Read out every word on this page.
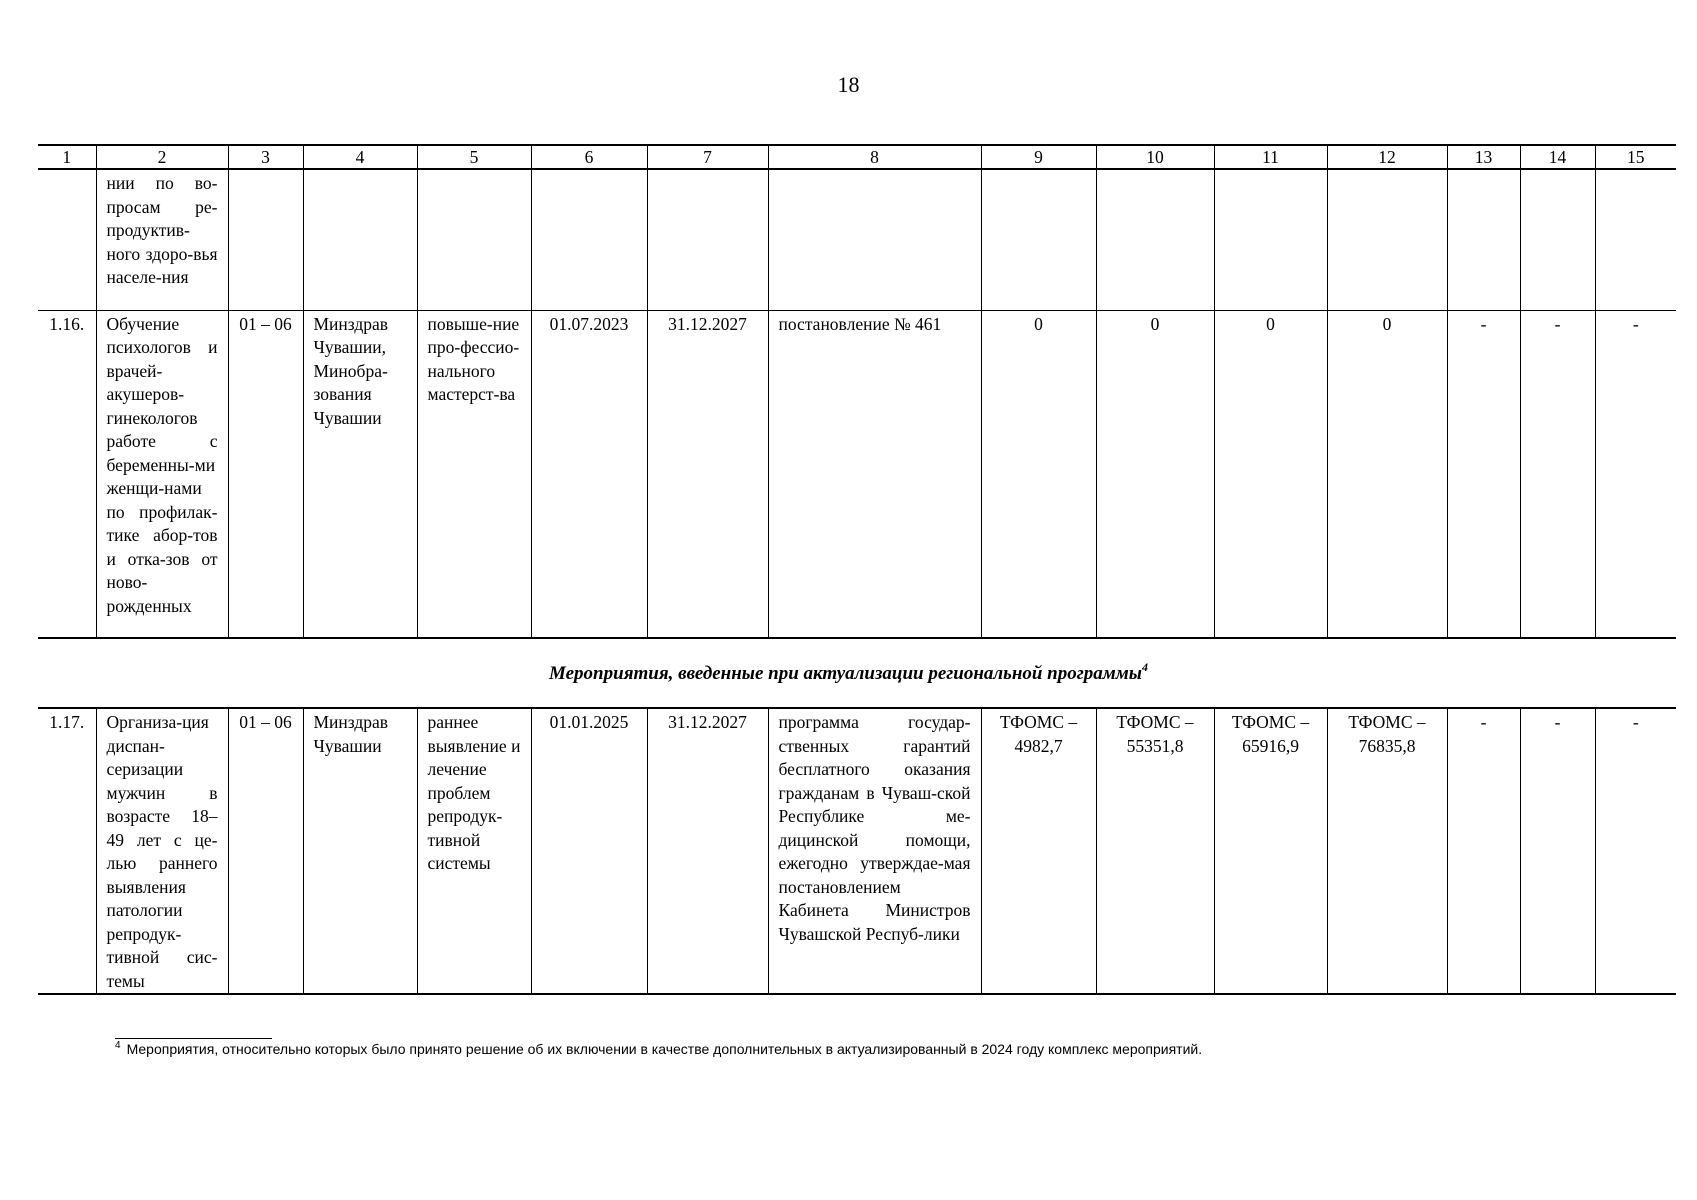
18
1	2	3	4	5	6	7	8	9	10	11	12	13	14	15
	нии по во-просам ре-продуктив-ного здоро-вья населе-ния													
1.16.	Обучение психологов и врачей-акушеров-гинекологов работе с беременны-ми женщи-нами по профилак-тике абор-тов и отка-зов от ново-рожденных	01 – 06	Минздрав Чувашии, Минобра-зования Чувашии	повыше-ние про-фессио-нального мастерст-ва	01.07.2023	31.12.2027	постановление № 461	0	0	0	0	-	-	-
Мероприятия, введенные при актуализации региональной программы$^4$
1.17.	Организа-ция диспан-серизации мужчин в возрасте 18–49 лет с це-лью раннего выявления патологии репродук-тивной сис-темы	01 – 06	Минздрав Чувашии	раннее выявление и лечение проблем репродук-тивной системы	01.01.2025	31.12.2027	программа государ-ственных гарантий бесплатного оказания гражданам в Чуваш-ской Республике ме-дицинской помощи, ежегодно утверждае-мая постановлением Кабинета Министров Чувашской Респуб-лики	ТФОМС – 4982,7	ТФОМС – 55351,8	ТФОМС – 65916,9	ТФОМС – 76835,8	-	-	-
$^4$ Мероприятия, относительно которых было принято решение об их включении в качестве дополнительных в актуализированный в 2024 году комплекс мероприятий.
